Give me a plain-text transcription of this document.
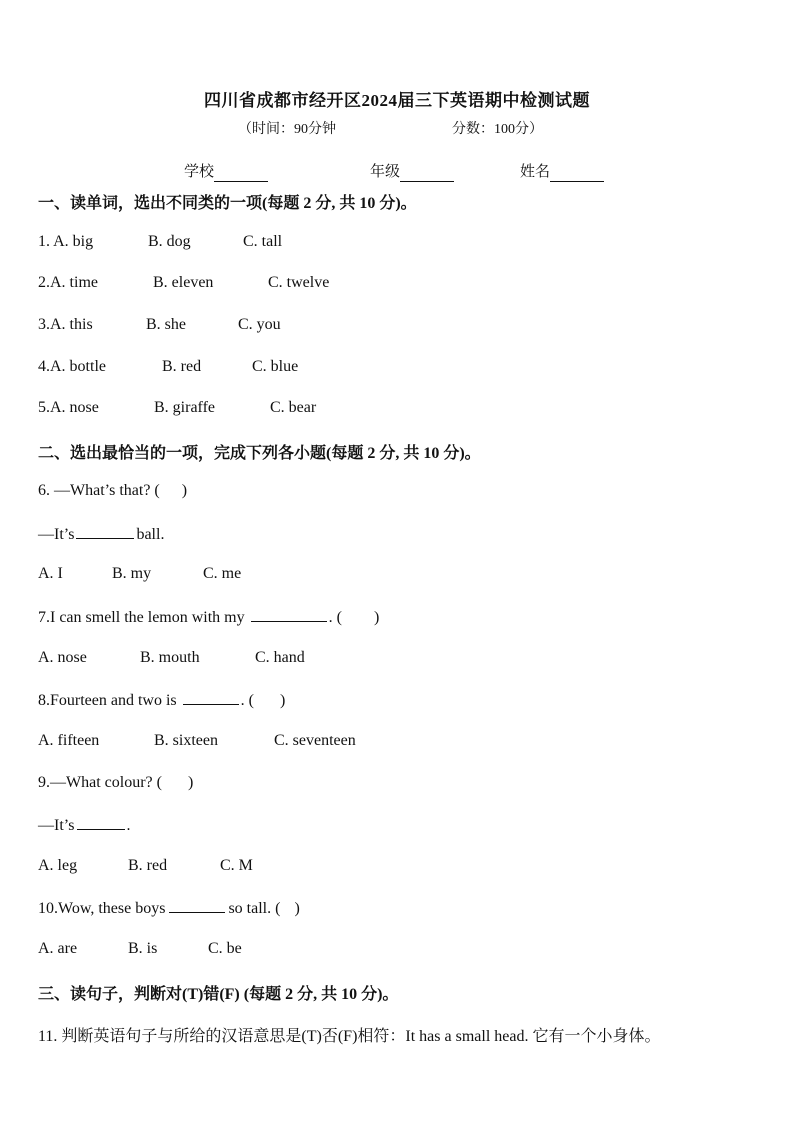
四川省成都市经开区2024届三下英语期中检测试题
（时间：90分钟	分数：100分）
学校	年级	姓名
一、读单词，选出不同类的一项(每题 2 分, 共 10 分)。
1. A. big	B. dog	C. tall
2.A. time	B. eleven	C. twelve
3.A. this	B. she	C. you
4.A. bottle	B. red	C. blue
5.A. nose	B. giraffe	C. bear
二、选出最恰当的一项，完成下列各小题(每题 2 分, 共 10 分)。
6. —What’s that? ( )
—It’s	ball.
A. I	B. my	C. me
7.I can smell the lemon with my	. ( )
A. nose	B. mouth	C. hand
8.Fourteen and two is	. ( )
A. fifteen	B. sixteen	C. seventeen
9.—What colour? ( )
—It’s	.
A. leg	B. red	C. M
10.Wow, these boys	so tall. ( )
A. are	B. is	C. be
三、读句子，判断对(T)错(F) (每题 2 分, 共 10 分)。
11. 判断英语句子与所给的汉语意思是(T)否(F)相符：It has a small head. 它有一个小身体。
